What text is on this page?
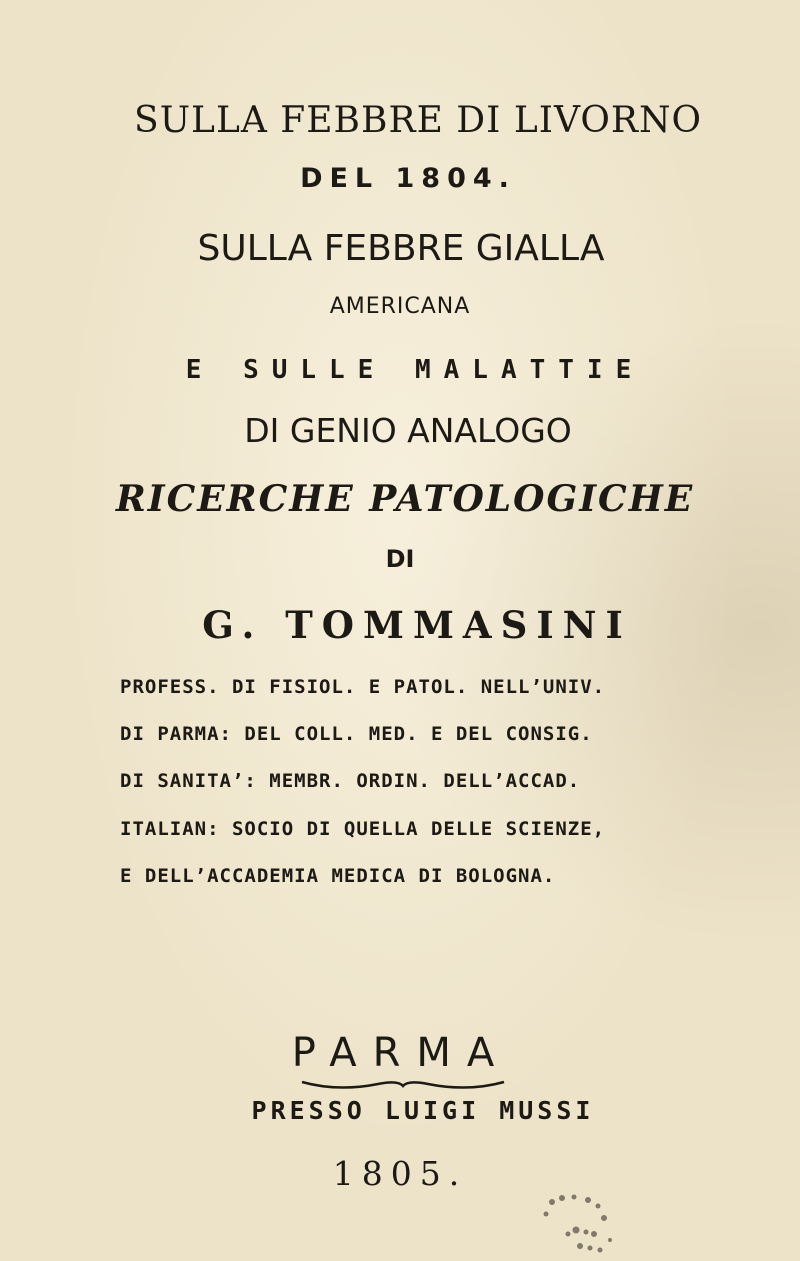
SULLA FEBBRE DI LIVORNO
DEL 1804.
SULLA FEBBRE GIALLA
AMERICANA
E SULLE MALATTIE
DI GENIO ANALOGO
RICERCHE PATOLOGICHE
DI
G. TOMMASINI
PROFESS. DI FISIOL. E PATOL. NELL’UNIV.
DI PARMA: DEL COLL. MED. E DEL CONSIG.
DI SANITA’: MEMBR. ORDIN. DELL’ACCAD.
ITALIAN: SOCIO DI QUELLA DELLE SCIENZE,
E DELL’ACCADEMIA MEDICA DI BOLOGNA.
PARMA
PRESSO LUIGI MUSSI
1805.
